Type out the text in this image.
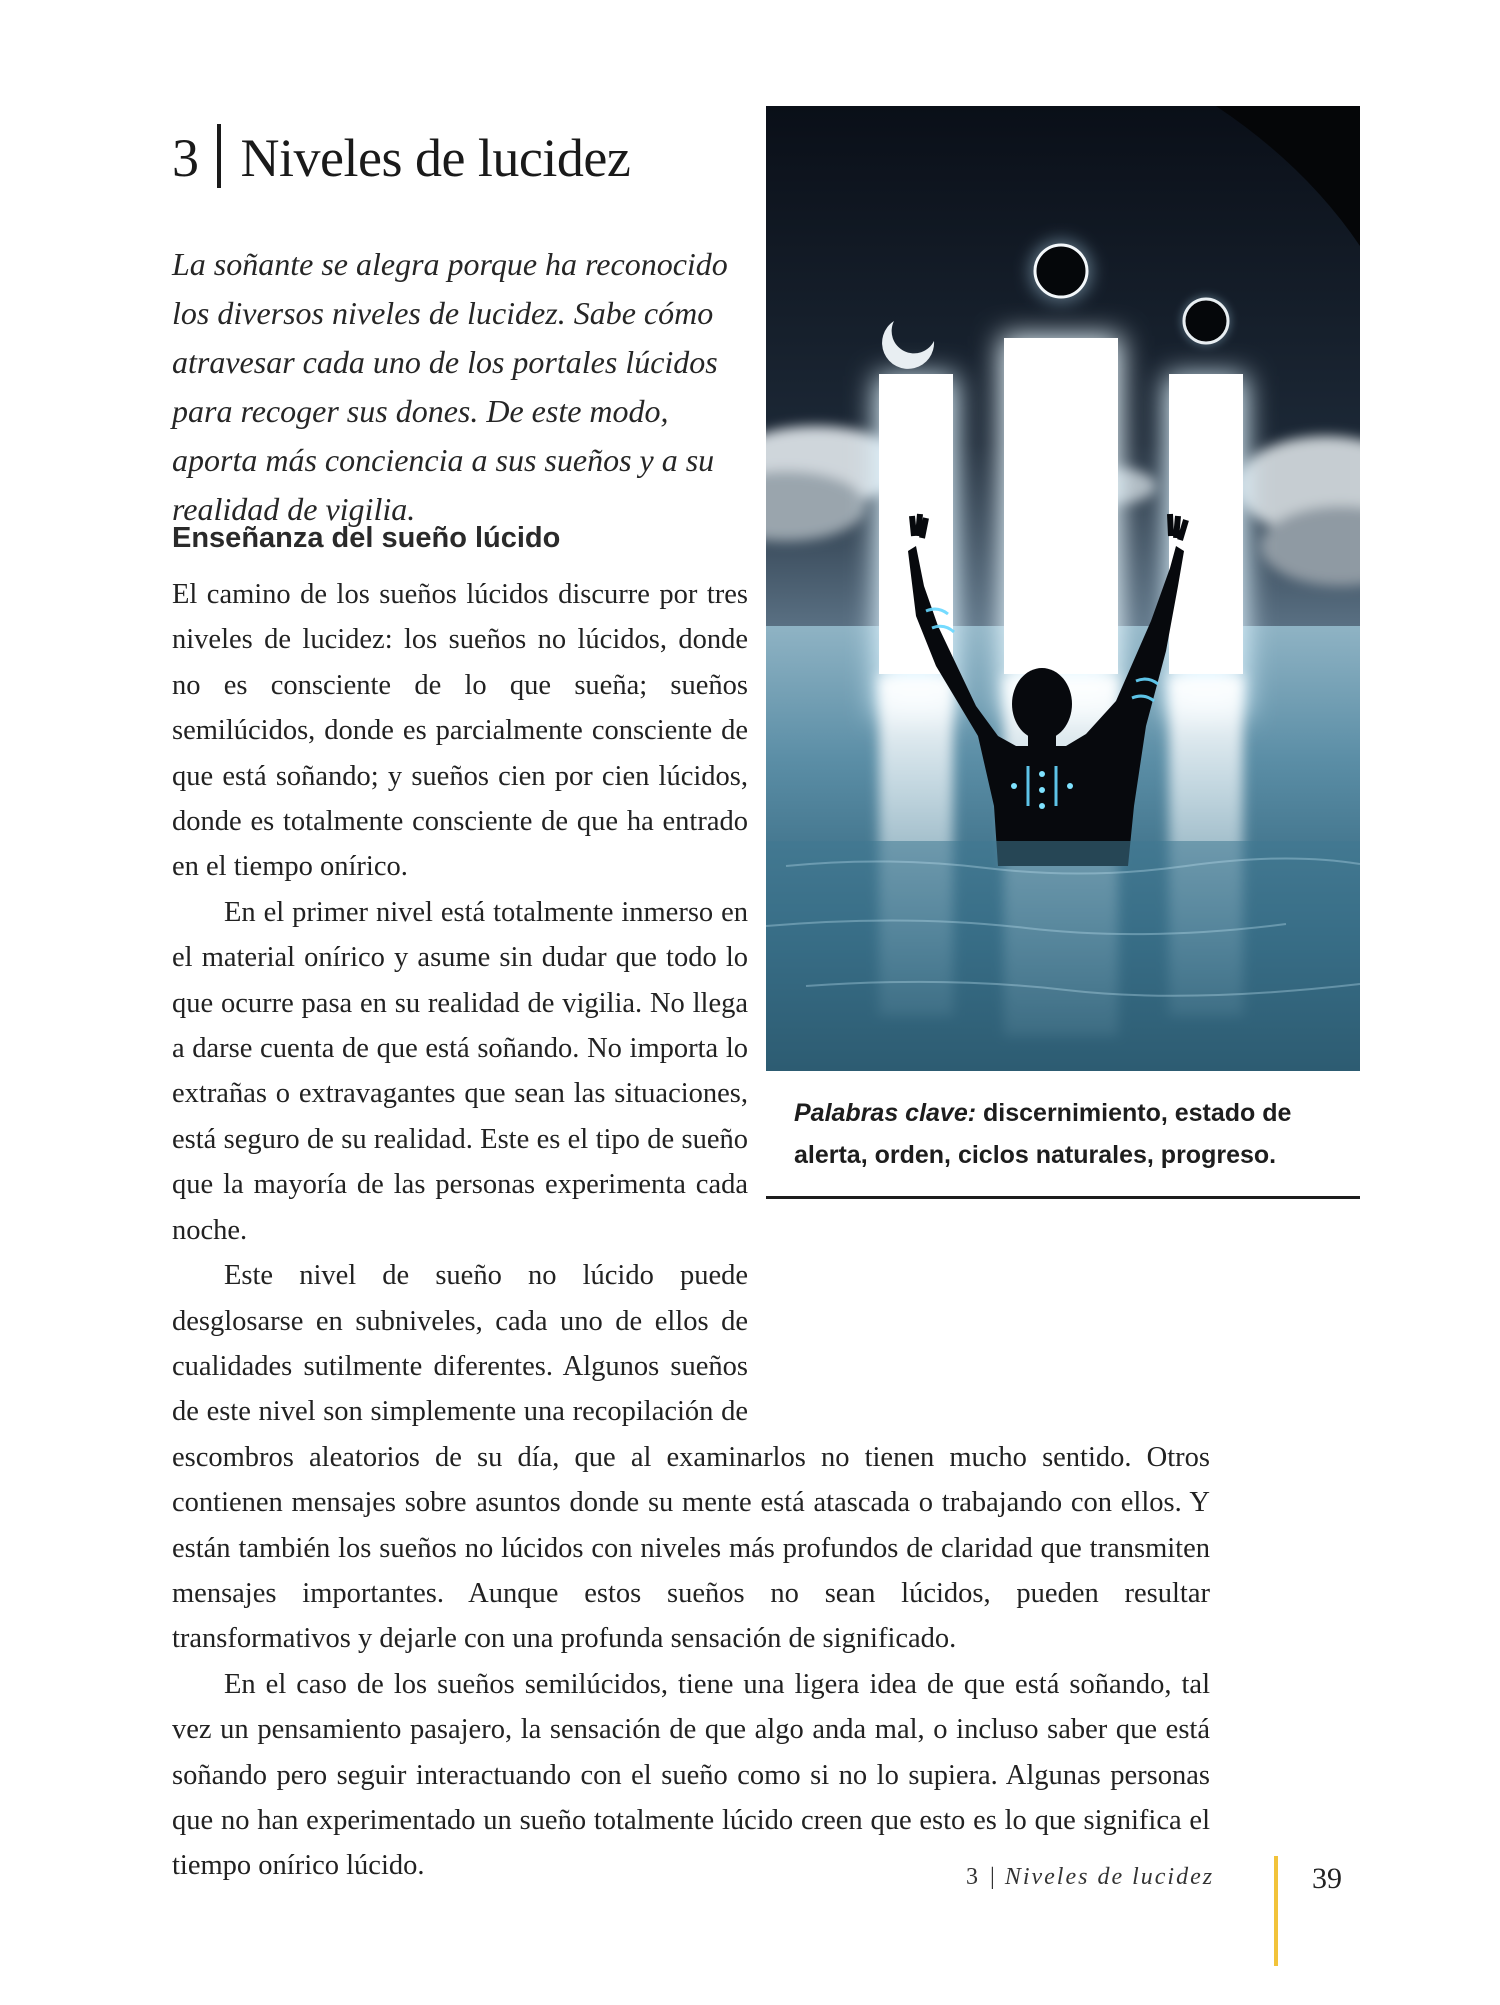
3 Niveles de lucidez

La soñante se alegra porque ha reconocido los diversos niveles de lucidez. Sabe cómo atravesar cada uno de los portales lúcidos para recoger sus dones. De este modo, aporta más conciencia a sus sueños y a su realidad de vigilia.

Enseñanza del sueño lúcido

El camino de los sueños lúcidos discurre por tres niveles de lucidez: los sueños no lúcidos, donde no es consciente de lo que sueña; sueños semilúcidos, donde es parcialmente consciente de que está soñando; y sueños cien por cien lúcidos, donde es totalmente consciente de que ha entrado en el tiempo onírico.

En el primer nivel está totalmente inmerso en el material onírico y asume sin dudar que todo lo que ocurre pasa en su realidad de vigilia. No llega a darse cuenta de que está soñando. No importa lo extrañas o extravagantes que sean las situaciones, está seguro de su realidad. Este es el tipo de sueño que la mayoría de las personas experimenta cada noche.

Este nivel de sueño no lúcido puede desglosarse en subniveles, cada uno de ellos de cualidades sutilmente diferentes. Algunos sueños de este nivel son simplemente una recopilación de escombros aleatorios de su día, que al examinarlos no tienen mucho sentido. Otros contienen mensajes sobre asuntos donde su mente está atascada o trabajando con ellos. Y están también los sueños no lúcidos con niveles más profundos de claridad que transmiten mensajes importantes. Aunque estos sueños no sean lúcidos, pueden resultar transformativos y dejarle con una profunda sensación de significado.

En el caso de los sueños semilúcidos, tiene una ligera idea de que está soñando, tal vez un pensamiento pasajero, la sensación de que algo anda mal, o incluso saber que está soñando pero seguir interactuando con el sueño como si no lo supiera. Algunas personas que no han experimentado un sueño totalmente lúcido creen que esto es lo que significa el tiempo onírico lúcido.

Palabras clave: discernimiento, estado de alerta, orden, ciclos naturales, progreso.
3 | Niveles de lucidez	39
